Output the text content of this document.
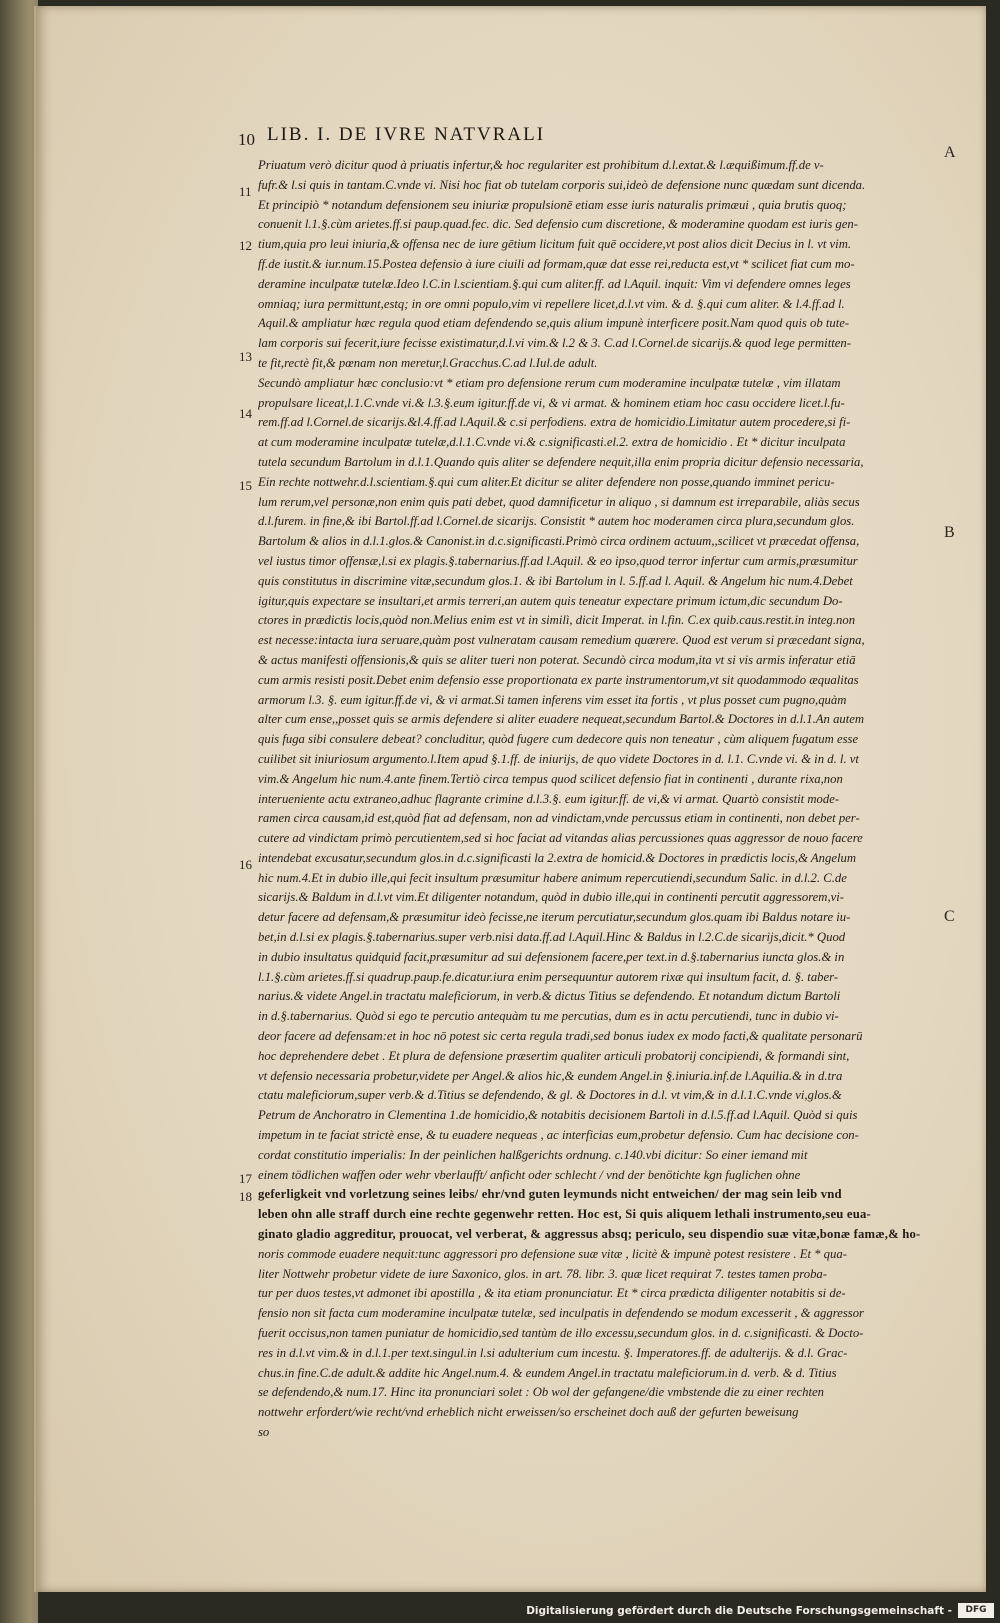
10 LIB. I. DE IVRE NATVRALI
11
12
13
14
15
16
17
18
A
B
C
Priuatum verò dicitur quod à priuatis infertur,& hoc regulariter est prohibitum d.l.extat.& l.æquißimum.ff.de v-
fufr.& l.si quis in tantam.C.vnde vi. Nisi hoc fiat ob tutelam corporis sui,ideò de defensione nunc quædam sunt dicenda.
Et principiò * notandum defensionem seu iniuriæ propulsionē etiam esse iuris naturalis primæui , quia brutis quoq;
conuenit l.1.§.cùm arietes.ff.si paup.quad.fec. dic. Sed defensio cum discretione, & moderamine quodam est iuris gen-
tium,quia pro leui iniuria,& offensa nec de iure gētium licitum fuit quē occidere,vt post alios dicit Decius in l. vt vim.
ff.de iustit.& iur.num.15.Postea defensio à iure ciuili ad formam,quæ dat esse rei,reducta est,vt * scilicet fiat cum mo-
deramine inculpatæ tutelæ.Ideo l.C.in l.scientiam.§.qui cum aliter.ff. ad l.Aquil. inquit: Vim vi defendere omnes leges
omniaq; iura permittunt,estq; in ore omni populo,vim vi repellere licet,d.l.vt vim. & d. §.qui cum aliter. & l.4.ff.ad l.
Aquil.& ampliatur hæc regula quod etiam defendendo se,quis alium impunè interficere posit.Nam quod quis ob tute-
lam corporis sui fecerit,iure fecisse existimatur,d.l.vi vim.& l.2 & 3. C.ad l.Cornel.de sicarijs.& quod lege permitten-
te fit,rectè fit,& pœnam non meretur,l.Gracchus.C.ad l.Iul.de adult.
Secundò ampliatur hæc conclusio:vt * etiam pro defensione rerum cum moderamine inculpatæ tutelæ , vim illatam
propulsare liceat,l.1.C.vnde vi.& l.3.§.eum igitur.ff.de vi, & vi armat. & hominem etiam hoc casu occidere licet.l.fu-
rem.ff.ad l.Cornel.de sicarijs.&l.4.ff.ad l.Aquil.& c.si perfodiens. extra de homicidio.Limitatur autem procedere,si fi-
at cum moderamine inculpatæ tutelæ,d.l.1.C.vnde vi.& c.significasti.el.2. extra de homicidio . Et * dicitur inculpata
tutela secundum Bartolum in d.l.1.Quando quis aliter se defendere nequit,illa enim propria dicitur defensio necessaria,
Ein rechte nottwehr.d.l.scientiam.§.qui cum aliter.Et dicitur se aliter defendere non posse,quando imminet pericu-
lum rerum,vel personæ,non enim quis pati debet, quod damnificetur in aliquo , si damnum est irreparabile, aliàs secus
d.l.furem. in fine,& ibi Bartol.ff.ad l.Cornel.de sicarijs. Consistit * autem hoc moderamen circa plura,secundum glos.
Bartolum & alios in d.l.1.glos.& Canonist.in d.c.significasti.Primò circa ordinem actuum,,scilicet vt præcedat offensa,
vel iustus timor offensæ,l.si ex plagis.§.tabernarius.ff.ad l.Aquil. & eo ipso,quod terror infertur cum armis,præsumitur
quis constitutus in discrimine vitæ,secundum glos.1. & ibi Bartolum in l. 5.ff.ad l. Aquil. & Angelum hic num.4.Debet
igitur,quis expectare se insultari,et armis terreri,an autem quis teneatur expectare primum ictum,dic secundum Do-
ctores in prædictis locis,quòd non.Melius enim est vt in similì, dicit Imperat. in l.fin. C.ex quib.caus.restit.in integ.non
est necesse:intacta iura seruare,quàm post vulneratam causam remedium quærere. Quod est verum si præcedant signa,
& actus manifesti offensionis,& quis se aliter tueri non poterat. Secundò circa modum,ita vt si vis armis inferatur etiā
cum armis resisti posit.Debet enim defensio esse proportionata ex parte instrumentorum,vt sit quodammodo æqualitas
armorum l.3. §. eum igitur.ff.de vi, & vi armat.Si tamen inferens vim esset ita fortis , vt plus posset cum pugno,quàm
alter cum ense,,posset quis se armis defendere si aliter euadere nequeat,secundum Bartol.& Doctores in d.l.1.An autem
quis fuga sibi consulere debeat? concluditur, quòd fugere cum dedecore quis non teneatur , cùm aliquem fugatum esse
cuilibet sit iniuriosum argumento.l.Item apud §.1.ff. de iniurijs, de quo videte Doctores in d. l.1. C.vnde vi. & in d. l. vt
vim.& Angelum hic num.4.ante finem.Tertiò circa tempus quod scilicet defensio fiat in continenti , durante rixa,non
interueniente actu extraneo,adhuc flagrante crimine d.l.3.§. eum igitur.ff. de vi,& vi armat. Quartò consistit mode-
ramen circa causam,id est,quòd fiat ad defensam, non ad vindictam,vnde percussus etiam in continenti, non debet per-
cutere ad vindictam primò percutientem,sed si hoc faciat ad vitandas alias percussiones quas aggressor de nouo facere
intendebat excusatur,secundum glos.in d.c.significasti la 2.extra de homicid.& Doctores in prædictis locis,& Angelum
hic num.4.Et in dubio ille,qui fecit insultum præsumitur habere animum repercutiendi,secundum Salic. in d.l.2. C.de
sicarijs.& Baldum in d.l.vt vim.Et diligenter notandum, quòd in dubio ille,qui in continenti percutit aggressorem,vi-
detur facere ad defensam,& præsumitur ideò fecisse,ne iterum percutiatur,secundum glos.quam ibi Baldus notare iu-
bet,in d.l.si ex plagis.§.tabernarius.super verb.nisi data.ff.ad l.Aquil.Hinc & Baldus in l.2.C.de sicarijs,dicit.* Quod
in dubio insultatus quidquid facit,præsumitur ad sui defensionem facere,per text.in d.§.tabernarius iuncta glos.& in
l.1.§.cùm arietes.ff.si quadrup.paup.fe.dicatur.iura enim persequuntur autorem rixæ qui insultum facit, d. §. taber-
narius.& videte Angel.in tractatu maleficiorum, in verb.& dictus Titius se defendendo. Et notandum dictum Bartoli
in d.§.tabernarius. Quòd si ego te percutio antequàm tu me percutias, dum es in actu percutiendi, tunc in dubio vi-
deor facere ad defensam:et in hoc nō potest sic certa regula tradi,sed bonus iudex ex modo facti,& qualitate personarū
hoc deprehendere debet . Et plura de defensione præsertim qualiter articuli probatorij concipiendi, & formandi sint,
vt defensio necessaria probetur,videte per Angel.& alios hic,& eundem Angel.in §.iniuria.inf.de l.Aquilia.& in d.tra
ctatu maleficiorum,super verb.& d.Titius se defendendo, & gl. & Doctores in d.l. vt vim,& in d.l.1.C.vnde vi,glos.&
Petrum de Anchoratro in Clementina 1.de homicidio,& notabitis decisionem Bartoli in d.l.5.ff.ad l.Aquil. Quòd si quis
impetum in te faciat strictè ense, & tu euadere nequeas , ac interficias eum,probetur defensio. Cum hac decisione con-
cordat constitutio imperialis: In der peinlichen halßgerichts ordnung. c.140.vbi dicitur: So einer iemand mit
einem tödlichen waffen oder wehr vberlaufft/ anficht oder schlecht / vnd der benötichte kgn fuglichen ohne
geferligkeit vnd vorletzung seines leibs/ ehr/vnd guten leymunds nicht entweichen/ der mag sein leib vnd
leben ohn alle straff durch eine rechte gegenwehr retten. Hoc est, Si quis aliquem lethali instrumento,seu eua-
ginato gladio aggreditur, prouocat, vel verberat, & aggressus absq; periculo, seu dispendio suæ vitæ,bonæ famæ,& ho-
noris commode euadere nequit:tunc aggressori pro defensione suæ vitæ , licitè & impunè potest resistere . Et * qua-
liter Nottwehr probetur videte de iure Saxonico, glos. in art. 78. libr. 3. quæ licet requirat 7. testes tamen proba-
tur per duos testes,vt admonet ibi apostilla , & ita etiam pronunciatur. Et * circa prædicta diligenter notabitis si de-
fensio non sit facta cum moderamine inculpatæ tutelæ, sed inculpatis in defendendo se modum excesserit , & aggressor
fuerit occisus,non tamen puniatur de homicidio,sed tantùm de illo excessu,secundum glos. in d. c.significasti. & Docto-
res in d.l.vt vim.& in d.l.1.per text.singul.in l.si adulterium cum incestu. §. Imperatores.ff. de adulterijs. & d.l. Grac-
chus.in fine.C.de adult.& addite hic Angel.num.4. & eundem Angel.in tractatu maleficiorum.in d. verb. & d. Titius
se defendendo,& num.17. Hinc ita pronunciari solet : Ob wol der gefangene/die vmbstende die zu einer rechten
nottwehr erfordert/wie recht/vnd erheblich nicht erweissen/so erscheinet doch auß der gefurten beweisung
so
Digitalisierung gefördert durch die Deutsche Forschungsgemeinschaft -	DFG
